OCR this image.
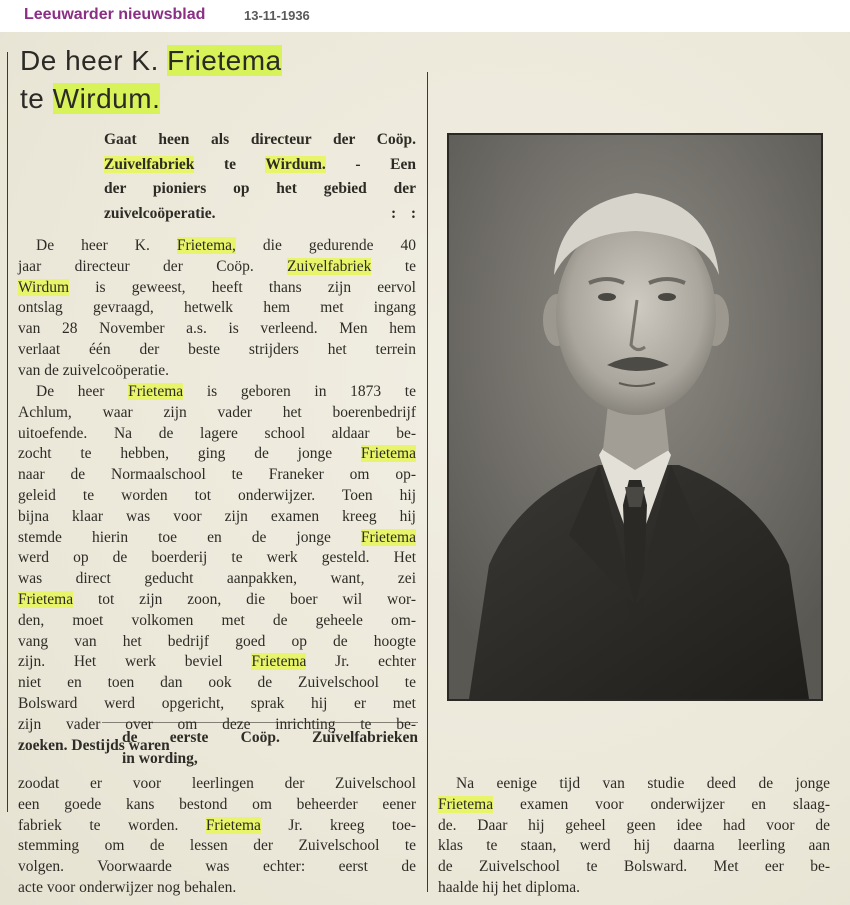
Leeuwarder nieuwsblad	13-11-1936
De heer K. Frietema
te Wirdum.
Gaat heen als directeur der Coöp.
Zuivelfabriek te Wirdum. - Een
der pioniers op het gebied der
zuivelcoöperatie.            : :
De heer K. Frietema, die gedurende 40
jaar directeur der Coöp. Zuivelfabriek te
Wirdum is geweest, heeft thans zijn eervol
ontslag gevraagd, hetwelk hem met ingang
van 28 November a.s. is verleend. Men hem
verlaat één der beste strijders het terrein
van de zuivelcoöperatie.
De heer Frietema is geboren in 1873 te
Achlum, waar zijn vader het boerenbedrijf
uitoefende. Na de lagere school aldaar be-
zocht te hebben, ging de jonge Frietema
naar de Normaalschool te Franeker om op-
geleid te worden tot onderwijzer. Toen hij
bijna klaar was voor zijn examen kreeg hij
stemde hierin toe en de jonge Frietema
werd op de boerderij te werk gesteld. Het
was direct geducht aanpakken, want, zei
Frietema tot zijn zoon, die boer wil wor-
den, moet volkomen met de geheele om-
vang van het bedrijf goed op de hoogte
zijn. Het werk beviel Frietema Jr. echter
niet en toen dan ook de Zuivelschool te
Bolsward werd opgericht, sprak hij er met
zijn vader over om deze inrichting te be-
zoeken. Destijds waren
de eerste Coöp. Zuivelfabrieken
in wording,
zoodat er voor leerlingen der Zuivelschool
een goede kans bestond om beheerder eener
fabriek te worden. Frietema Jr. kreeg toe-
stemming om de lessen der Zuivelschool te
volgen. Voorwaarde was echter: eerst de
acte voor onderwijzer nog behalen.
Na eenige tijd van studie deed de jonge
Frietema examen voor onderwijzer en slaag-
de. Daar hij geheel geen idee had voor de
klas te staan, werd hij daarna leerling aan
de Zuivelschool te Bolsward. Met eer be-
haalde hij het diploma.
